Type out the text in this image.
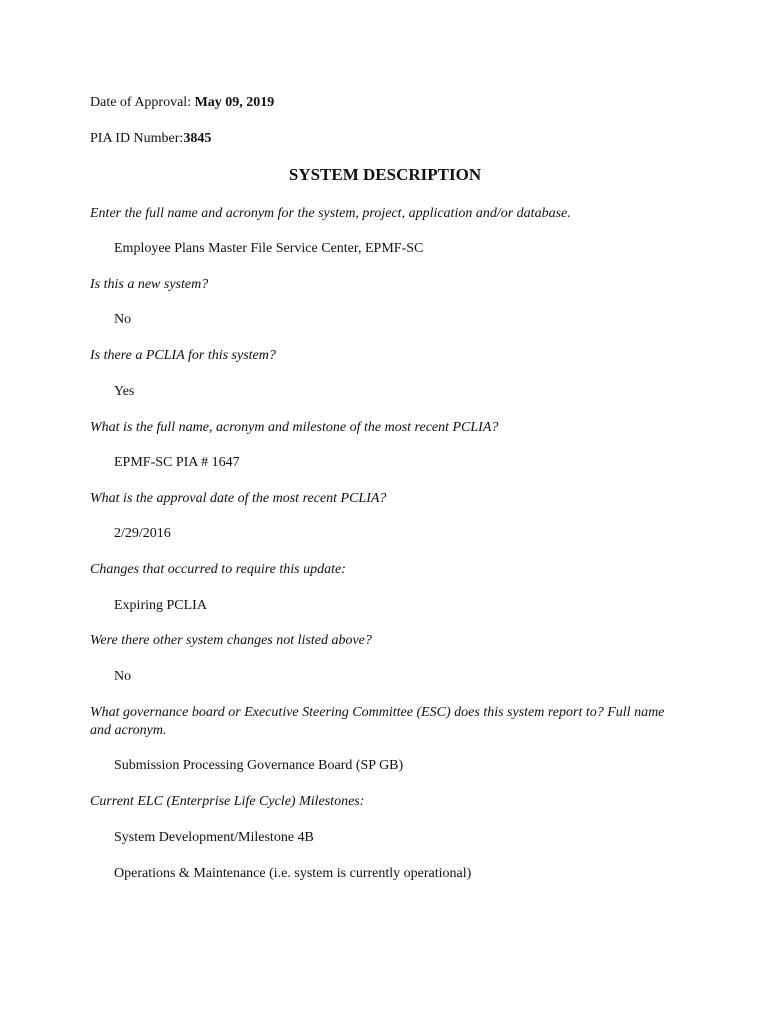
Date of Approval: May 09, 2019
PIA ID Number:3845
SYSTEM DESCRIPTION
Enter the full name and acronym for the system, project, application and/or database.
Employee Plans Master File Service Center, EPMF-SC
Is this a new system?
No
Is there a PCLIA for this system?
Yes
What is the full name, acronym and milestone of the most recent PCLIA?
EPMF-SC PIA # 1647
What is the approval date of the most recent PCLIA?
2/29/2016
Changes that occurred to require this update:
Expiring PCLIA
Were there other system changes not listed above?
No
What governance board or Executive Steering Committee (ESC) does this system report to? Full name and acronym.
Submission Processing Governance Board (SP GB)
Current ELC (Enterprise Life Cycle) Milestones:
System Development/Milestone 4B
Operations & Maintenance (i.e. system is currently operational)
